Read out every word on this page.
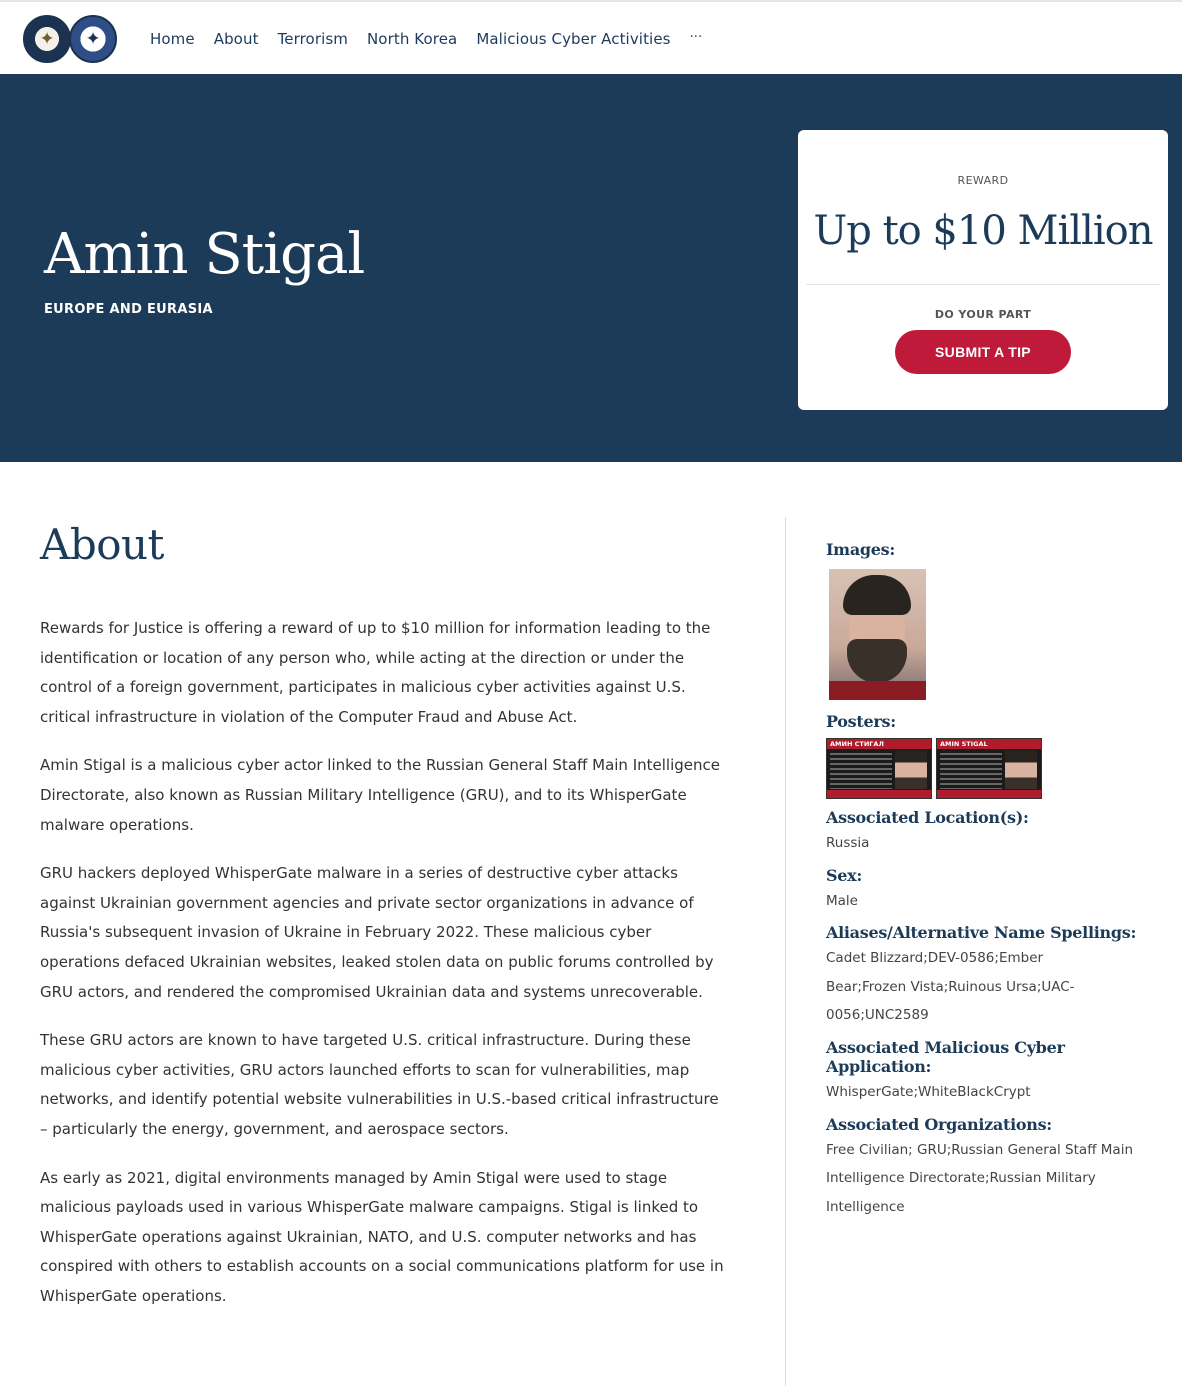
✦ ✦	Home About Terrorism North Korea Malicious Cyber Activities ···
Amin Stigal
EUROPE AND EURASIA
REWARD
Up to $10 Million
DO YOUR PART
SUBMIT A TIP
About

Rewards for Justice is offering a reward of up to $10 million for information leading to the identification or location of any person who, while acting at the direction or under the control of a foreign government, participates in malicious cyber activities against U.S. critical infrastructure in violation of the Computer Fraud and Abuse Act.

Amin Stigal is a malicious cyber actor linked to the Russian General Staff Main Intelligence Directorate, also known as Russian Military Intelligence (GRU), and to its WhisperGate malware operations.

GRU hackers deployed WhisperGate malware in a series of destructive cyber attacks against Ukrainian government agencies and private sector organizations in advance of Russia's subsequent invasion of Ukraine in February 2022. These malicious cyber operations defaced Ukrainian websites, leaked stolen data on public forums controlled by GRU actors, and rendered the compromised Ukrainian data and systems unrecoverable.

These GRU actors are known to have targeted U.S. critical infrastructure. During these malicious cyber activities, GRU actors launched efforts to scan for vulnerabilities, map networks, and identify potential website vulnerabilities in U.S.-based critical infrastructure – particularly the energy, government, and aerospace sectors.

As early as 2021, digital environments managed by Amin Stigal were used to stage malicious payloads used in various WhisperGate malware campaigns. Stigal is linked to WhisperGate operations against Ukrainian, NATO, and U.S. computer networks and has conspired with others to establish accounts on a social communications platform for use in WhisperGate operations.

Images:
Posters:
АМИН СТИГАЛ	AMIN STIGAL
Associated Location(s):
Russia
Sex:
Male
Aliases/Alternative Name Spellings:
Cadet Blizzard;DEV-0586;Ember Bear;Frozen Vista;Ruinous Ursa;UAC-0056;UNC2589
Associated Malicious Cyber Application:
WhisperGate;WhiteBlackCrypt
Associated Organizations:
Free Civilian; GRU;Russian General Staff Main Intelligence Directorate;Russian Military Intelligence
